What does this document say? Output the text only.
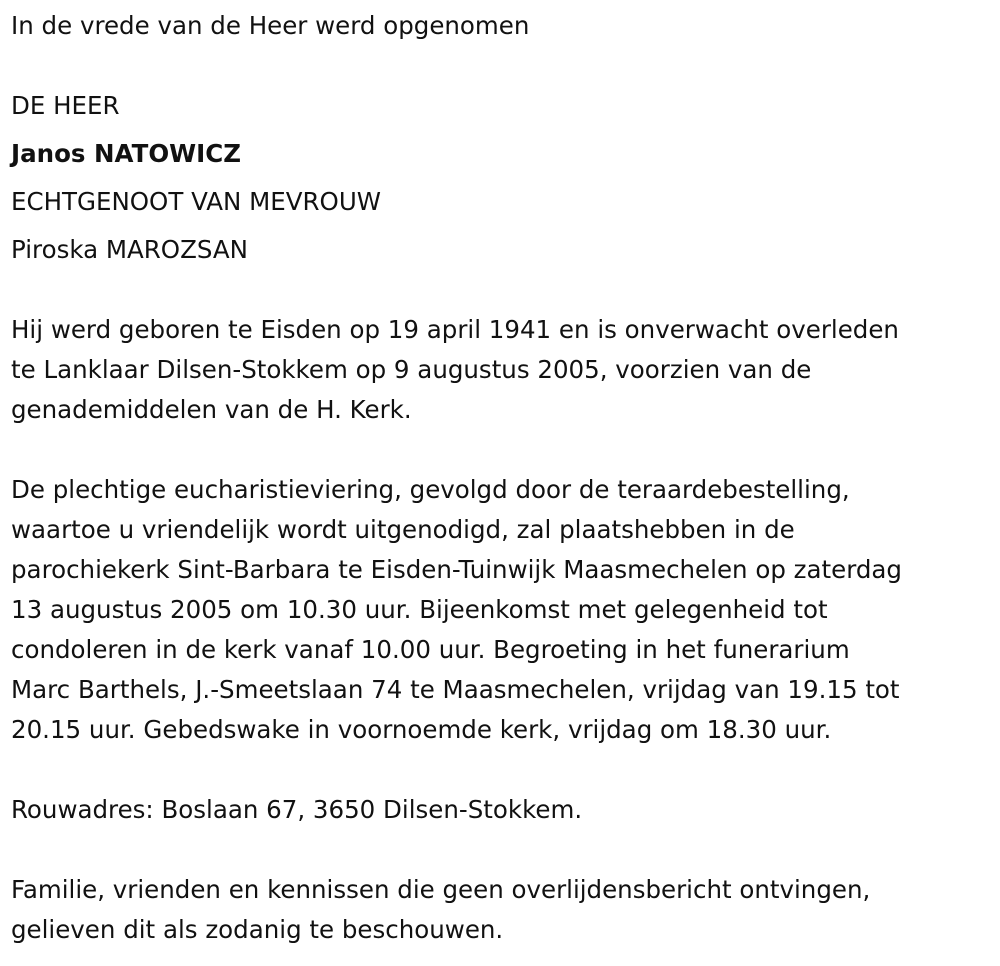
In de vrede van de Heer werd opgenomen

DE HEER

Janos NATOWICZ

ECHTGENOOT VAN MEVROUW

Piroska MAROZSAN

Hij werd geboren te Eisden op 19 april 1941 en is onverwacht overleden

te Lanklaar Dilsen-Stokkem op 9 augustus 2005, voorzien van de

genademiddelen van de H. Kerk.

De plechtige eucharistieviering, gevolgd door de teraardebestelling,

waartoe u vriendelijk wordt uitgenodigd, zal plaatshebben in de

parochiekerk Sint-Barbara te Eisden-Tuinwijk Maasmechelen op zaterdag

13 augustus 2005 om 10.30 uur. Bijeenkomst met gelegenheid tot

condoleren in de kerk vanaf 10.00 uur. Begroeting in het funerarium

Marc Barthels, J.-Smeetslaan 74 te Maasmechelen, vrijdag van 19.15 tot

20.15 uur. Gebedswake in voornoemde kerk, vrijdag om 18.30 uur.

Rouwadres: Boslaan 67, 3650 Dilsen-Stokkem.

Familie, vrienden en kennissen die geen overlijdensbericht ontvingen,

gelieven dit als zodanig te beschouwen.
